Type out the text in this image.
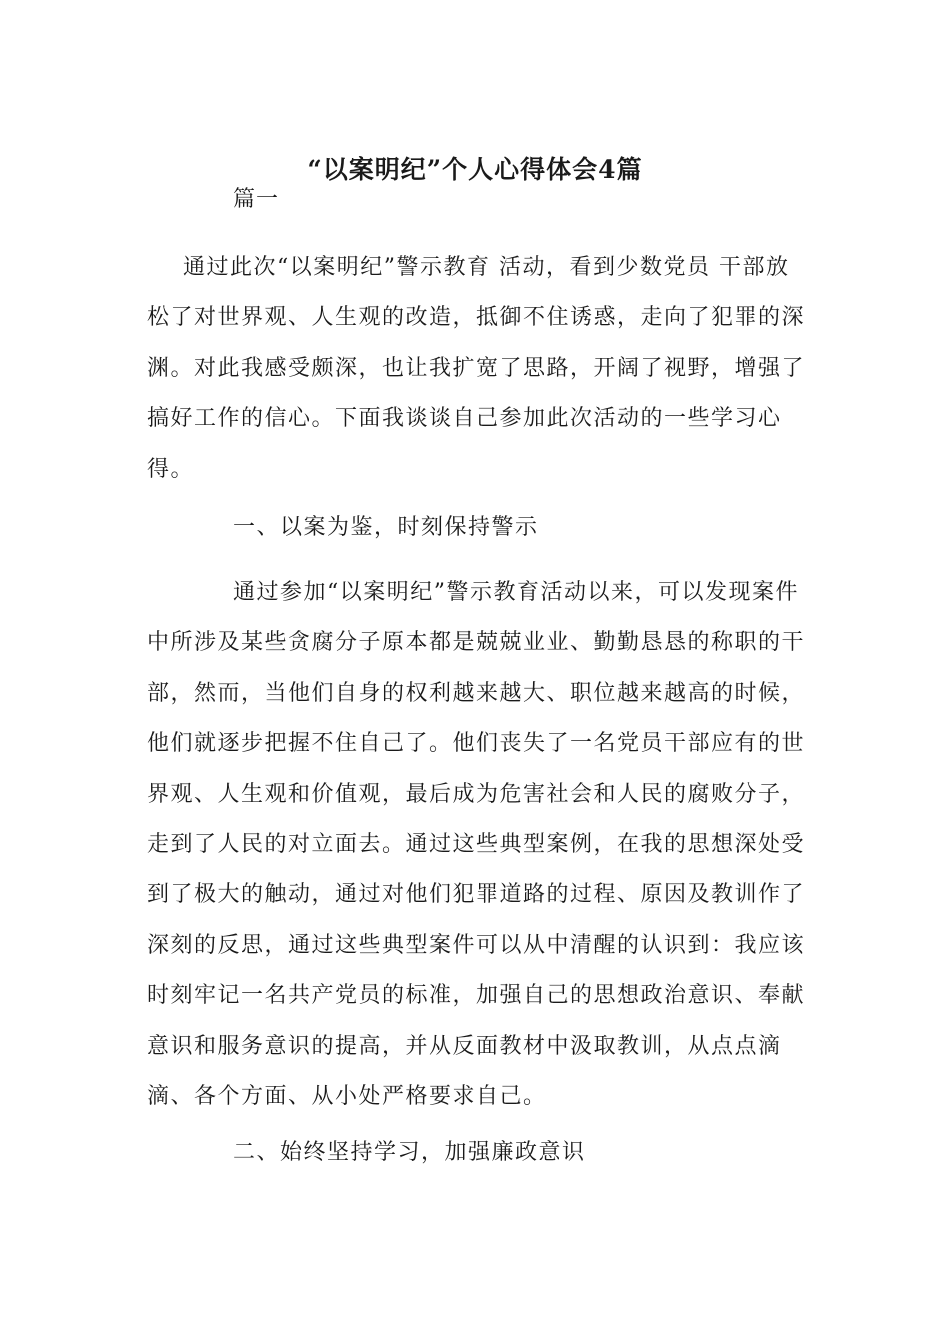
“以案明纪”个人心得体会4篇
篇一

通过此次“以案明纪”警示教育 活动，看到少数党员 干部放松了对世界观、人生观的改造，抵御不住诱惑，走向了犯罪的深渊。对此我感受颇深，也让我扩宽了思路，开阔了视野，增强了搞好工作的信心。下面我谈谈自己参加此次活动的一些学习心得。

一、以案为鉴，时刻保持警示

通过参加“以案明纪”警示教育活动以来，可以发现案件中所涉及某些贪腐分子原本都是兢兢业业、勤勤恳恳的称职的干部，然而，当他们自身的权利越来越大、职位越来越高的时候，他们就逐步把握不住自己了。他们丧失了一名党员干部应有的世界观、人生观和价值观，最后成为危害社会和人民的腐败分子，走到了人民的对立面去。通过这些典型案例，在我的思想深处受到了极大的触动，通过对他们犯罪道路的过程、原因及教训作了深刻的反思，通过这些典型案件可以从中清醒的认识到：我应该时刻牢记一名共产党员的标准，加强自己的思想政治意识、奉献意识和服务意识的提高，并从反面教材中汲取教训，从点点滴滴、各个方面、从小处严格要求自己。

二、始终坚持学习，加强廉政意识
